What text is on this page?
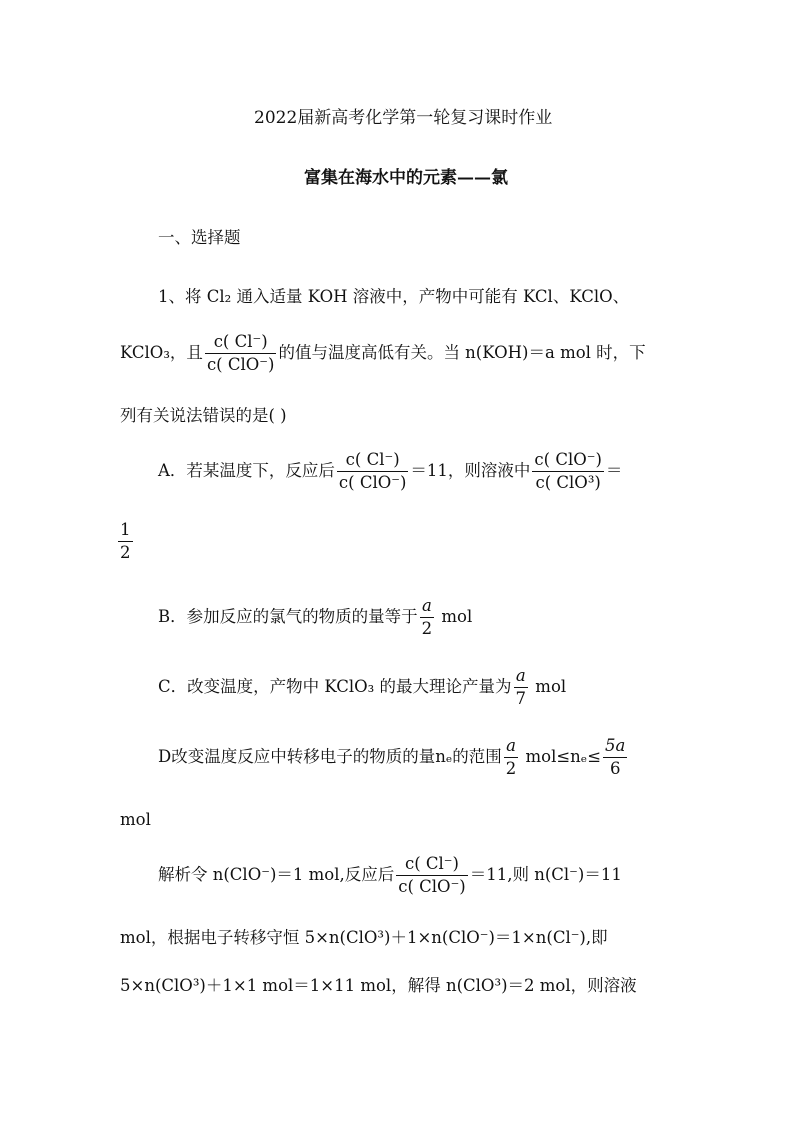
2022届新高考化学第一轮复习课时作业
富集在海水中的元素——氯
一、选择题
1、将 Cl₂ 通入适量 KOH 溶液中，产物中可能有 KCl、KClO、
KClO₃，且 $\frac{c( Cl^-)}{\text{c( ClO⁻)}}$ 的值与温度高低有关。当 n(KOH)＝a mol 时，下
列有关说法错误的是( )
A．若某温度下，反应后 $\frac{c( Cl^-)}{\text{c( ClO⁻)}} =11$，则溶液中 $\frac{\text{c( ClO⁻)}}{\text{c( ClO³)}}$ ＝
$\frac{1}{2}$
B．参加反应的氯气的物质的量等于 $\frac{a}{2}$ mol
C．改变温度，产物中 KClO₃ 的最大理论产量为 $\frac{a}{7}$ mol
D改变温度反应中转移电子的物质的量nₑ的范围 $\frac{a}{2} mol\le n_e\le \frac{5a}{6}$
mol
解析令 n(ClO⁻)＝1 mol,反应后 $\frac{c( Cl^-)}{\text{c( ClO⁻)}} =11$,则 n(Cl⁻)＝11
mol，根据电子转移守恒 5×n(ClO³)＋1×n(ClO⁻)＝1×n(Cl⁻),即
5×n(ClO³)＋1×1 mol＝1×11 mol，解得 n(ClO³)＝2 mol，则溶液
